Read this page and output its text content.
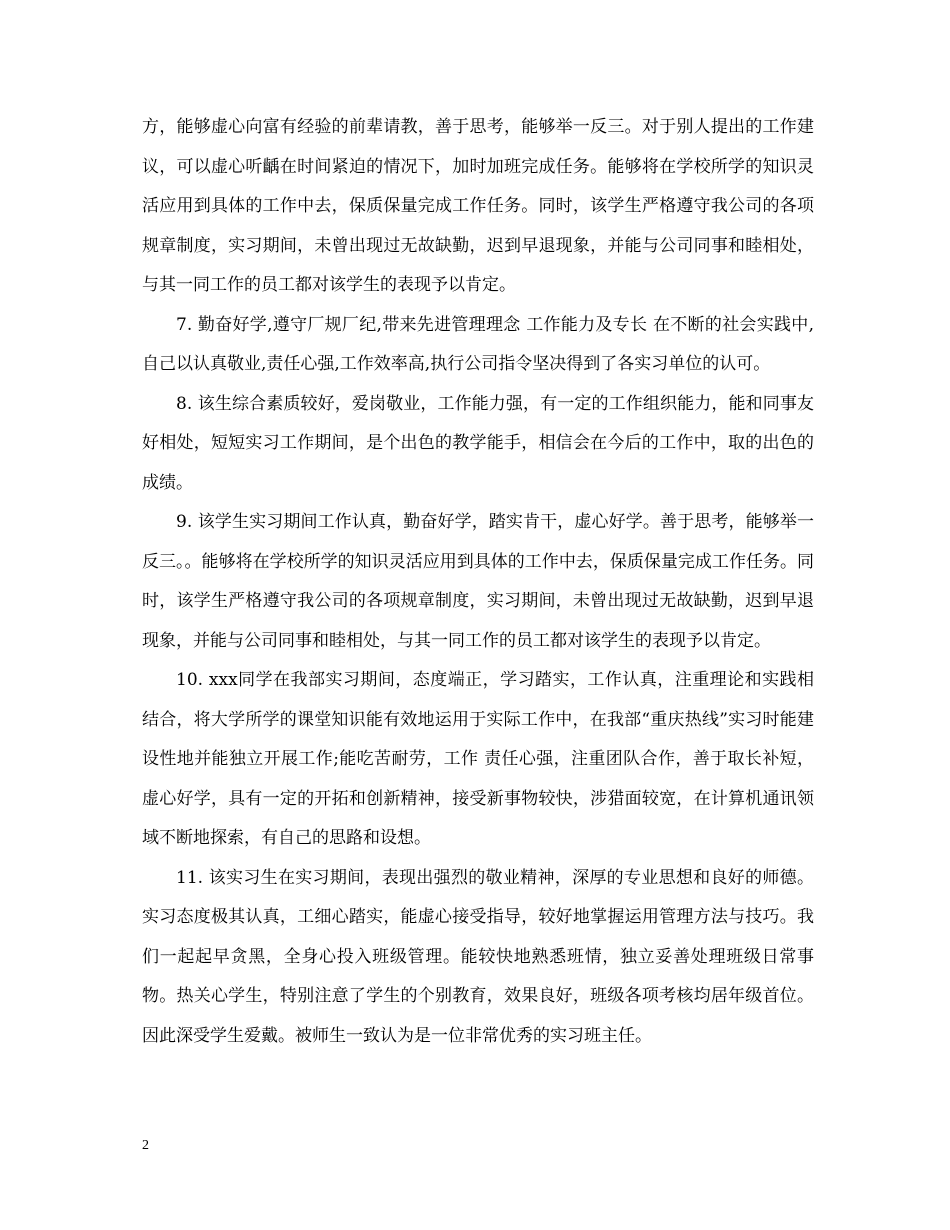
方，能够虚心向富有经验的前辈请教，善于思考，能够举一反三。对于别人提出的工作建议，可以虚心听齲在时间紧迫的情况下，加时加班完成任务。能够将在学校所学的知识灵活应用到具体的工作中去，保质保量完成工作任务。同时，该学生严格遵守我公司的各项规章制度，实习期间，未曾出现过无故缺勤，迟到早退现象，并能与公司同事和睦相处，与其一同工作的员工都对该学生的表现予以肯定。

7. 勤奋好学,遵守厂规厂纪,带来先进管理理念 工作能力及专长 在不断的社会实践中,自己以认真敬业,责任心强,工作效率高,执行公司指令坚决得到了各实习单位的认可。

8. 该生综合素质较好，爱岗敬业，工作能力强，有一定的工作组织能力，能和同事友好相处，短短实习工作期间，是个出色的教学能手，相信会在今后的工作中，取的出色的成绩。

9. 该学生实习期间工作认真，勤奋好学，踏实肯干，虚心好学。善于思考，能够举一反三。。能够将在学校所学的知识灵活应用到具体的工作中去，保质保量完成工作任务。同时，该学生严格遵守我公司的各项规章制度，实习期间，未曾出现过无故缺勤，迟到早退现象，并能与公司同事和睦相处，与其一同工作的员工都对该学生的表现予以肯定。

10. xxx同学在我部实习期间，态度端正，学习踏实，工作认真，注重理论和实践相结合，将大学所学的课堂知识能有效地运用于实际工作中，在我部“重庆热线”实习时能建设性地并能独立开展工作;能吃苦耐劳，工作 责任心强，注重团队合作，善于取长补短，虚心好学，具有一定的开拓和创新精神，接受新事物较快，涉猎面较宽，在计算机通讯领域不断地探索，有自己的思路和设想。

11. 该实习生在实习期间，表现出强烈的敬业精神，深厚的专业思想和良好的师德。实习态度极其认真，工细心踏实，能虚心接受指导，较好地掌握运用管理方法与技巧。我们一起起早贪黑，全身心投入班级管理。能较快地熟悉班情，独立妥善处理班级日常事物。热关心学生，特别注意了学生的个别教育，效果良好，班级各项考核均居年级首位。因此深受学生爱戴。被师生一致认为是一位非常优秀的实习班主任。

2
